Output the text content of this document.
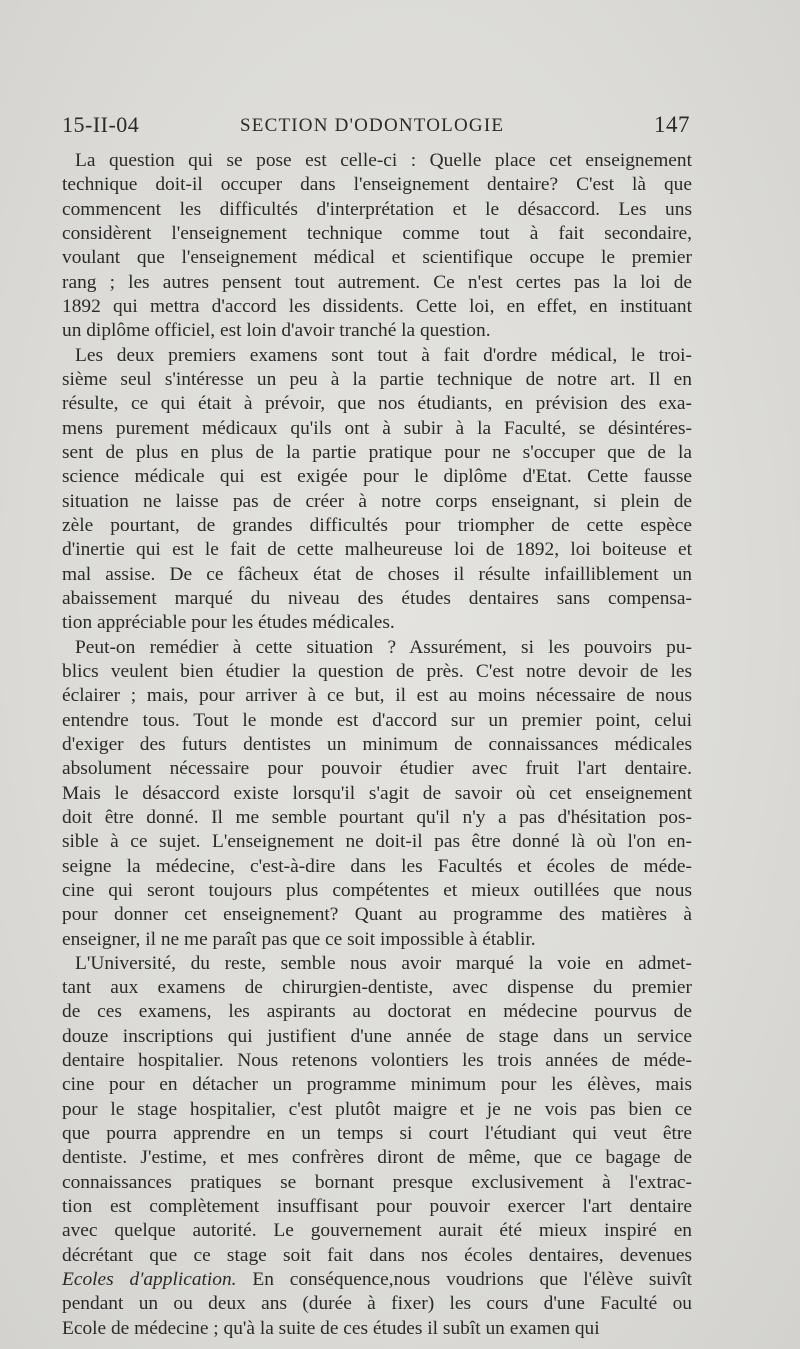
15-II-04	SECTION D'ODONTOLOGIE	147
La question qui se pose est celle-ci : Quelle place cet enseignement
technique doit-il occuper dans l'enseignement dentaire? C'est là que
commencent les difficultés d'interprétation et le désaccord. Les uns
considèrent l'enseignement technique comme tout à fait secondaire,
voulant que l'enseignement médical et scientifique occupe le premier
rang ; les autres pensent tout autrement. Ce n'est certes pas la loi de
1892 qui mettra d'accord les dissidents. Cette loi, en effet, en instituant
un diplôme officiel, est loin d'avoir tranché la question.
Les deux premiers examens sont tout à fait d'ordre médical, le troi-
sième seul s'intéresse un peu à la partie technique de notre art. Il en
résulte, ce qui était à prévoir, que nos étudiants, en prévision des exa-
mens purement médicaux qu'ils ont à subir à la Faculté, se désintéres-
sent de plus en plus de la partie pratique pour ne s'occuper que de la
science médicale qui est exigée pour le diplôme d'Etat. Cette fausse
situation ne laisse pas de créer à notre corps enseignant, si plein de
zèle pourtant, de grandes difficultés pour triompher de cette espèce
d'inertie qui est le fait de cette malheureuse loi de 1892, loi boiteuse et
mal assise. De ce fâcheux état de choses il résulte infailliblement un
abaissement marqué du niveau des études dentaires sans compensa-
tion appréciable pour les études médicales.
Peut-on remédier à cette situation ? Assurément, si les pouvoirs pu-
blics veulent bien étudier la question de près. C'est notre devoir de les
éclairer ; mais, pour arriver à ce but, il est au moins nécessaire de nous
entendre tous. Tout le monde est d'accord sur un premier point, celui
d'exiger des futurs dentistes un minimum de connaissances médicales
absolument nécessaire pour pouvoir étudier avec fruit l'art dentaire.
Mais le désaccord existe lorsqu'il s'agit de savoir où cet enseignement
doit être donné. Il me semble pourtant qu'il n'y a pas d'hésitation pos-
sible à ce sujet. L'enseignement ne doit-il pas être donné là où l'on en-
seigne la médecine, c'est-à-dire dans les Facultés et écoles de méde-
cine qui seront toujours plus compétentes et mieux outillées que nous
pour donner cet enseignement? Quant au programme des matières à
enseigner, il ne me paraît pas que ce soit impossible à établir.
L'Université, du reste, semble nous avoir marqué la voie en admet-
tant aux examens de chirurgien-dentiste, avec dispense du premier
de ces examens, les aspirants au doctorat en médecine pourvus de
douze inscriptions qui justifient d'une année de stage dans un service
dentaire hospitalier. Nous retenons volontiers les trois années de méde-
cine pour en détacher un programme minimum pour les élèves, mais
pour le stage hospitalier, c'est plutôt maigre et je ne vois pas bien ce
que pourra apprendre en un temps si court l'étudiant qui veut être
dentiste. J'estime, et mes confrères diront de même, que ce bagage de
connaissances pratiques se bornant presque exclusivement à l'extrac-
tion est complètement insuffisant pour pouvoir exercer l'art dentaire
avec quelque autorité. Le gouvernement aurait été mieux inspiré en
décrétant que ce stage soit fait dans nos écoles dentaires, devenues
Ecoles d'application. En conséquence,nous voudrions que l'élève suivît
pendant un ou deux ans (durée à fixer) les cours d'une Faculté ou
Ecole de médecine ; qu'à la suite de ces études il subît un examen qui
